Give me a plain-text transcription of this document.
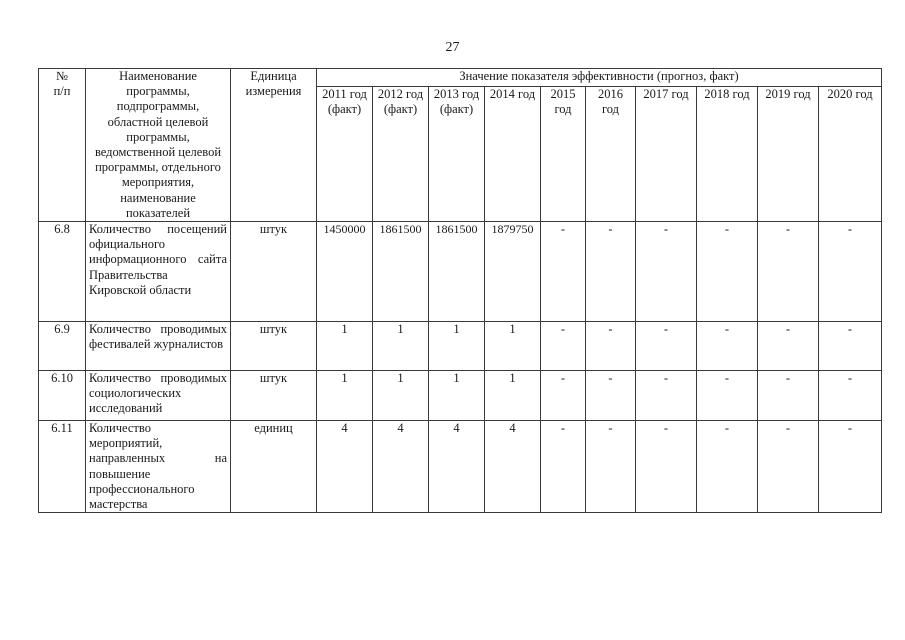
27
№
п/п	Наименование программы, подпрограммы, областной целевой программы, ведомственной целевой программы, отдельного мероприятия, наименование показателей	Единица измерения	Значение показателя эффективности (прогноз, факт)									
			2011 год (факт)	2012 год (факт)	2013 год (факт)	2014 год	2015 год	2016 год	2017 год	2018 год	2019 год	2020 год
6.8	Количество посещений официального информационного сайта Правительства Кировской области	штук	1450000	1861500	1861500	1879750	-	-	-	-	-	-
6.9	Количество проводимых фестивалей журналистов	штук	1	1	1	1	-	-	-	-	-	-
6.10	Количество проводимых социологических исследований	штук	1	1	1	1	-	-	-	-	-	-
6.11	Количество мероприятий, направленных на повышение профессионального мастерства	единиц	4	4	4	4	-	-	-	-	-	-
